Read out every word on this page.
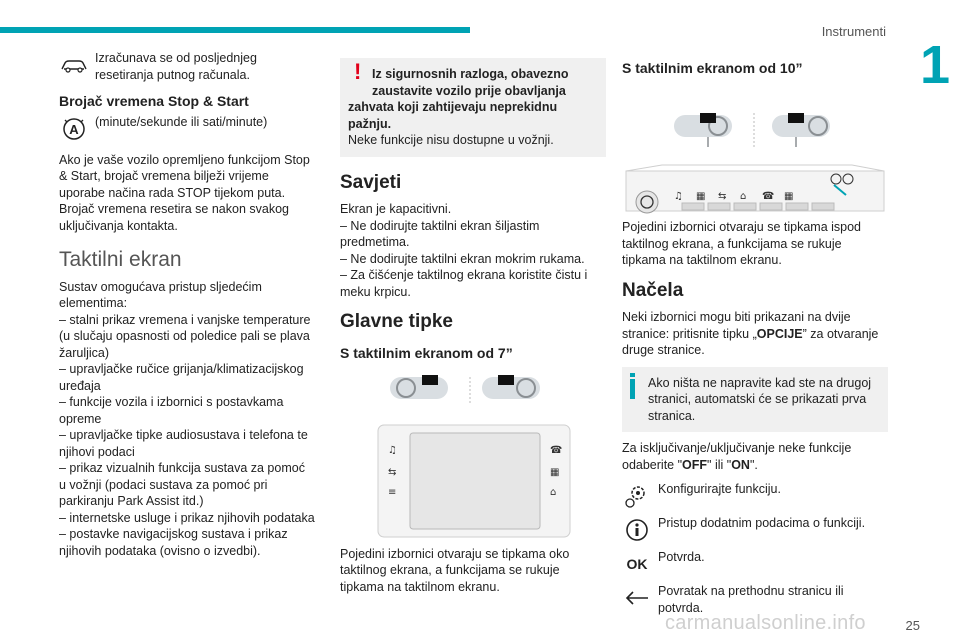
Instrumenti
1
Izračunava se od posljednjeg resetiranja putnog računala.
Brojač vremena Stop & Start
A (minute/sekunde ili sati/minute)

Ako je vaše vozilo opremljeno funkcijom Stop & Start, brojač vremena bilježi vrijeme uporabe načina rada STOP tijekom puta.
Brojač vremena resetira se nakon svakog uključivanja kontakta.

Taktilni ekran
Sustav omogućava pristup sljedećim elementima:
– stalni prikaz vremena i vanjske temperature (u slučaju opasnosti od poledice pali se plava žaruljica)
– upravljačke ručice grijanja/klimatizacijskog uređaja
– funkcije vozila i izbornici s postavkama opreme
– upravljačke tipke audiosustava i telefona te njihovi podaci
– prikaz vizualnih funkcija sustava za pomoć u vožnji (podaci sustava za pomoć pri parkiranju Park Assist itd.)
– internetske usluge i prikaz njihovih podataka
– postavke navigacijskog sustava i prikaz njihovih podataka (ovisno o izvedbi).
! Iz sigurnosnih razloga, obavezno zaustavite vozilo prije obavljanja
zahvata koji zahtijevaju neprekidnu pažnju.
Neke funkcije nisu dostupne u vožnji.
Savjeti
Ekran je kapacitivni.
– Ne dodirujte taktilni ekran šiljastim predmetima.
– Ne dodirujte taktilni ekran mokrim rukama.
– Za čišćenje taktilnog ekrana koristite čistu i meku krpicu.
Glavne tipke
S taktilnim ekranom od 7”
♫
⇆
≡
☎
▦
⌂

Pojedini izbornici otvaraju se tipkama oko taktilnog ekrana, a funkcijama se rukuje tipkama na taktilnom ekranu.

S taktilnim ekranom od 10”
♫ ▦ ⇆ ⌂ ☎ ▦

Pojedini izbornici otvaraju se tipkama ispod taktilnog ekrana, a funkcijama se rukuje tipkama na taktilnom ekranu.

Načela

Neki izbornici mogu biti prikazani na dvije stranice: pritisnite tipku „OPCIJE” za otvaranje druge stranice.

Ako ništa ne napravite kad ste na drugoj stranici, automatski će se prikazati prva stranica.

Za isključivanje/uključivanje neke funkcije odaberite "OFF" ili "ON".

Konfigurirajte funkciju.
Pristup dodatnim podacima o funkciji.
OK Potvrda.
Povratak na prethodnu stranicu ili potvrda.
carmanualsonline.info	25
